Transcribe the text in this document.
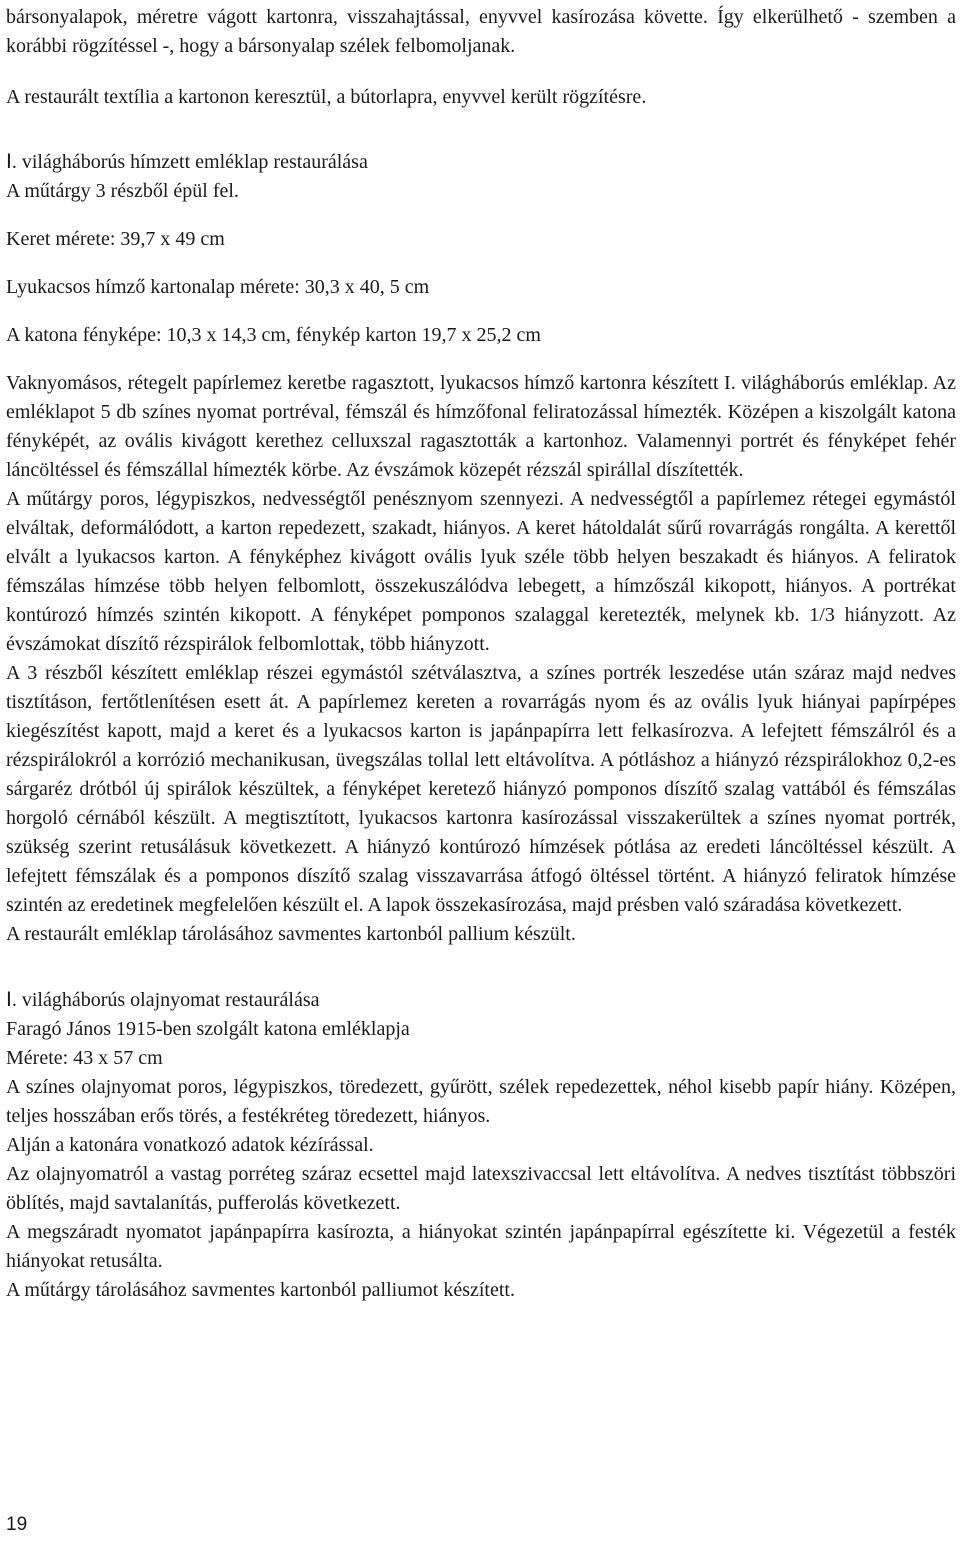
bársonyalapok, méretre vágott kartonra, visszahajtással, enyvvel kasírozása követte. Így elkerülhető - szemben a korábbi rögzítéssel -, hogy a bársonyalap szélek felbomoljanak.

A restaurált textília a kartonon keresztül, a bútorlapra, enyvvel került rögzítésre.

I. világháborús hímzett emléklap restaurálása

A műtárgy 3 részből épül fel.

Keret mérete: 39,7 x 49 cm

Lyukacsos hímző kartonalap mérete: 30,3 x 40, 5 cm

A katona fényképe: 10,3 x 14,3 cm, fénykép karton 19,7 x 25,2 cm

Vaknyomásos, rétegelt papírlemez keretbe ragasztott, lyukacsos hímző kartonra készített I. világháborús emléklap. Az emléklapot 5 db színes nyomat portréval, fémszál és hímzőfonal feliratozással hímezték. Középen a kiszolgált katona fényképét, az ovális kivágott kerethez celluxszal ragasztották a kartonhoz. Valamennyi portrét és fényképet fehér láncöltéssel és fémszállal hímezték körbe. Az évszámok közepét rézszál spirállal díszítették.

A műtárgy poros, légypiszkos, nedvességtől penésznyom szennyezi. A nedvességtől a papírlemez rétegei egymástól elváltak, deformálódott, a karton repedezett, szakadt, hiányos. A keret hátoldalát sűrű rovarrágás rongálta. A kerettől elvált a lyukacsos karton. A fényképhez kivágott ovális lyuk széle több helyen beszakadt és hiányos. A feliratok fémszálas hímzése több helyen felbomlott, összekuszálódva lebegett, a hímzőszál kikopott, hiányos. A portrékat kontúrozó hímzés szintén kikopott. A fényképet pomponos szalaggal keretezték, melynek kb. 1/3 hiányzott. Az évszámokat díszítő rézspirálok felbomlottak, több hiányzott.

A 3 részből készített emléklap részei egymástól szétválasztva, a színes portrék leszedése után száraz majd nedves tisztításon, fertőtlenítésen esett át. A papírlemez kereten a rovarrágás nyom és az ovális lyuk hiányai papírpépes kiegészítést kapott, majd a keret és a lyukacsos karton is japánpapírra lett felkasírozva. A lefejtett fémszálról és a rézspirálokról a korrózió mechanikusan, üvegszálas tollal lett eltávolítva. A pótláshoz a hiányzó rézspirálokhoz 0,2-es sárgaréz drótból új spirálok készültek, a fényképet keretező hiányzó pomponos díszítő szalag vattából és fémszálas horgoló cérnából készült. A megtisztított, lyukacsos kartonra kasírozással visszakerültek a színes nyomat portrék, szükség szerint retusálásuk következett. A hiányzó kontúrozó hímzések pótlása az eredeti láncöltéssel készült. A lefejtett fémszálak és a pomponos díszítő szalag visszavarrása átfogó öltéssel történt. A hiányzó feliratok hímzése szintén az eredetinek megfelelően készült el. A lapok összekasírozása, majd présben való száradása következett.

A restaurált emléklap tárolásához savmentes kartonból pallium készült.

I. világháborús olajnyomat restaurálása

Faragó János 1915-ben szolgált katona emléklapja

Mérete: 43 x 57 cm

A színes olajnyomat poros, légypiszkos, töredezett, gyűrött, szélek repedezettek, néhol kisebb papír hiány. Középen, teljes hosszában erős törés, a festékréteg töredezett, hiányos.

Alján a katonára vonatkozó adatok kézírással.

Az olajnyomatról a vastag porréteg száraz ecsettel majd latexszivaccsal lett eltávolítva. A nedves tisztítást többszöri öblítés, majd savtalanítás, pufferolás következett.

A megszáradt nyomatot japánpapírra kasírozta, a hiányokat szintén japánpapírral egészítette ki. Végezetül a festék hiányokat retusálta.

A műtárgy tárolásához savmentes kartonból palliumot készített.

19
